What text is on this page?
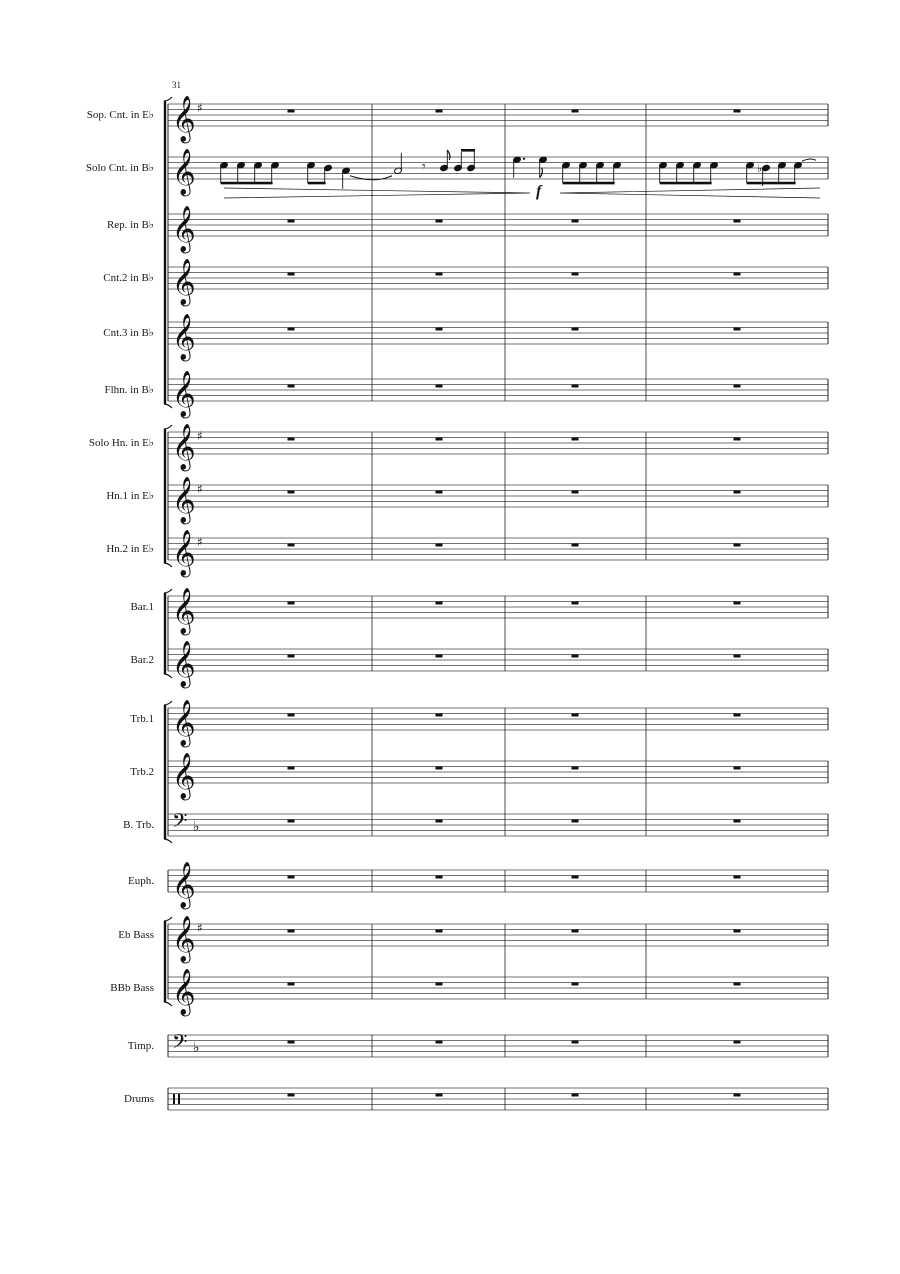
31
Sop. Cnt. in E♭
Solo Cnt. in B♭
Rep. in B♭
Cnt.2 in B♭
Cnt.3 in B♭
Flhn. in B♭
Solo Hn. in E♭
Hn.1 in E♭
Hn.2 in E♭
Bar.1
Bar.2
Trb.1
Trb.2
B. Trb.
Euph.
Eb Bass
BBb Bass
Timp.
Drums
𝄞 ♯
𝄞
𝄞
𝄞
𝄞
𝄞
𝄞 ♯
𝄞 ♯
𝄞 ♯
𝄞
𝄞
𝄞
𝄞
𝄢 ♭
𝄞
𝄞 ♯
𝄞
𝄢 ♭
𝄾	♭
f
